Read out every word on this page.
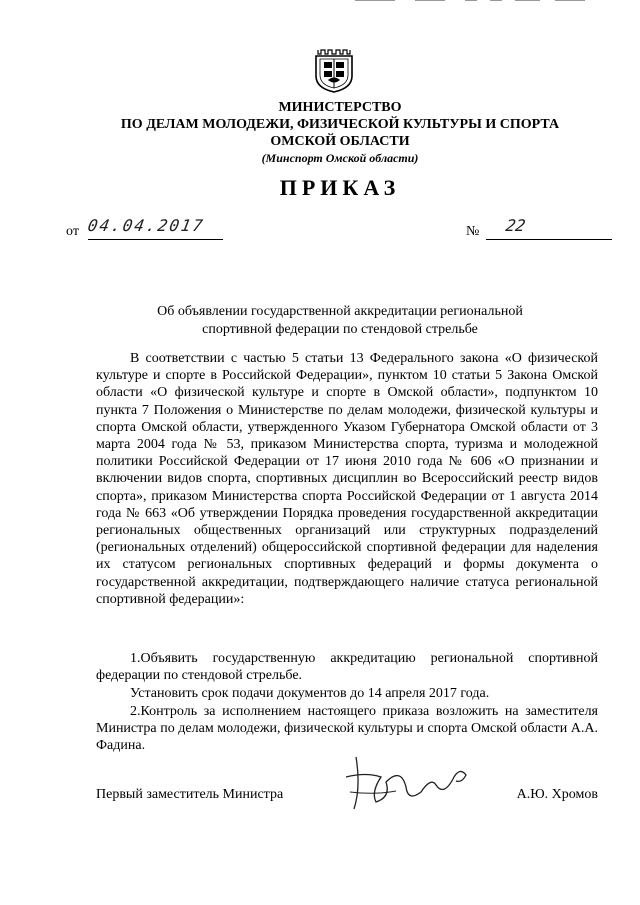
МИНИСТЕРСТВО
ПО ДЕЛАМ МОЛОДЕЖИ, ФИЗИЧЕСКОЙ КУЛЬТУРЫ И СПОРТА
ОМСКОЙ ОБЛАСТИ
(Минспорт Омской области)
ПРИКАЗ
от 04.04.2017	№ 22
Об объявлении государственной аккредитации региональной
спортивной федерации по стендовой стрельбе
В соответствии с частью 5 статьи 13 Федерального закона «О физической культуре и спорте в Российской Федерации», пунктом 10 статьи 5 Закона Омской области «О физической культуре и спорте в Омской области», подпунктом 10 пункта 7 Положения о Министерстве по делам молодежи, физической культуры и спорта Омской области, утвержденного Указом Губернатора Омской области от 3 марта 2004 года № 53, приказом Министерства спорта, туризма и молодежной политики Российской Федерации от 17 июня 2010 года № 606 «О признании и включении видов спорта, спортивных дисциплин во Всероссийский реестр видов спорта», приказом Министерства спорта Российской Федерации от 1 августа 2014 года № 663 «Об утверждении Порядка проведения государственной аккредитации региональных общественных организаций или структурных подразделений (региональных отделений) общероссийской спортивной федерации для наделения их статусом региональных спортивных федераций и формы документа о государственной аккредитации, подтверждающего наличие статуса региональной спортивной федерации»:
1.Объявить государственную аккредитацию региональной спортивной федерации по стендовой стрельбе.
Установить срок подачи документов до 14 апреля 2017 года.
2.Контроль за исполнением настоящего приказа возложить на заместителя Министра по делам молодежи, физической культуры и спорта Омской области А.А. Фадина.
Первый заместитель Министра	А.Ю. Хромов
